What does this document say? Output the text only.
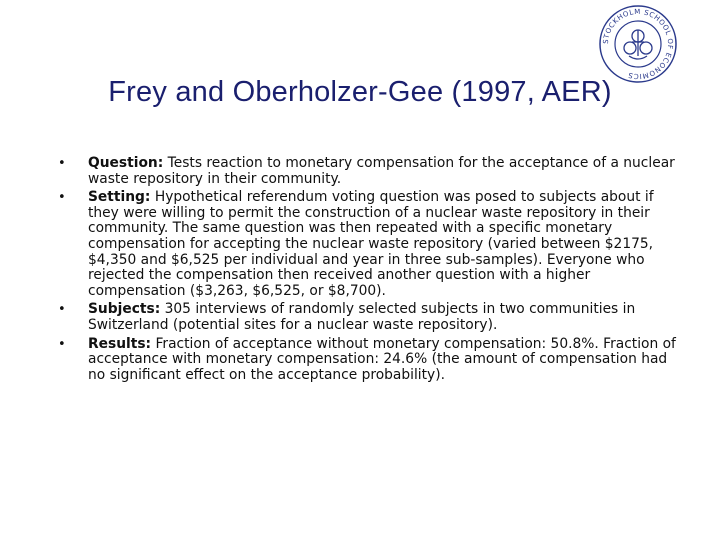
STOCKHOLM SCHOOL OF ECONOMICS
Frey and Oberholzer-Gee (1997, AER)
• Question: Tests reaction to monetary compensation for the acceptance of a nuclear waste repository in their community.
• Setting: Hypothetical referendum voting question was posed to subjects about if they were willing to permit the construction of a nuclear waste repository in their community. The same question was then repeated with a specific monetary compensation for accepting the nuclear waste repository (varied between $2175, $4,350 and $6,525 per individual and year in three sub-samples). Everyone who rejected the compensation then received another question with a higher compensation ($3,263, $6,525, or $8,700).
• Subjects: 305 interviews of randomly selected subjects in two communities in Switzerland (potential sites for a nuclear waste repository).
• Results: Fraction of acceptance without monetary compensation: 50.8%. Fraction of acceptance with monetary compensation: 24.6% (the amount of compensation had no significant effect on the acceptance probability).
